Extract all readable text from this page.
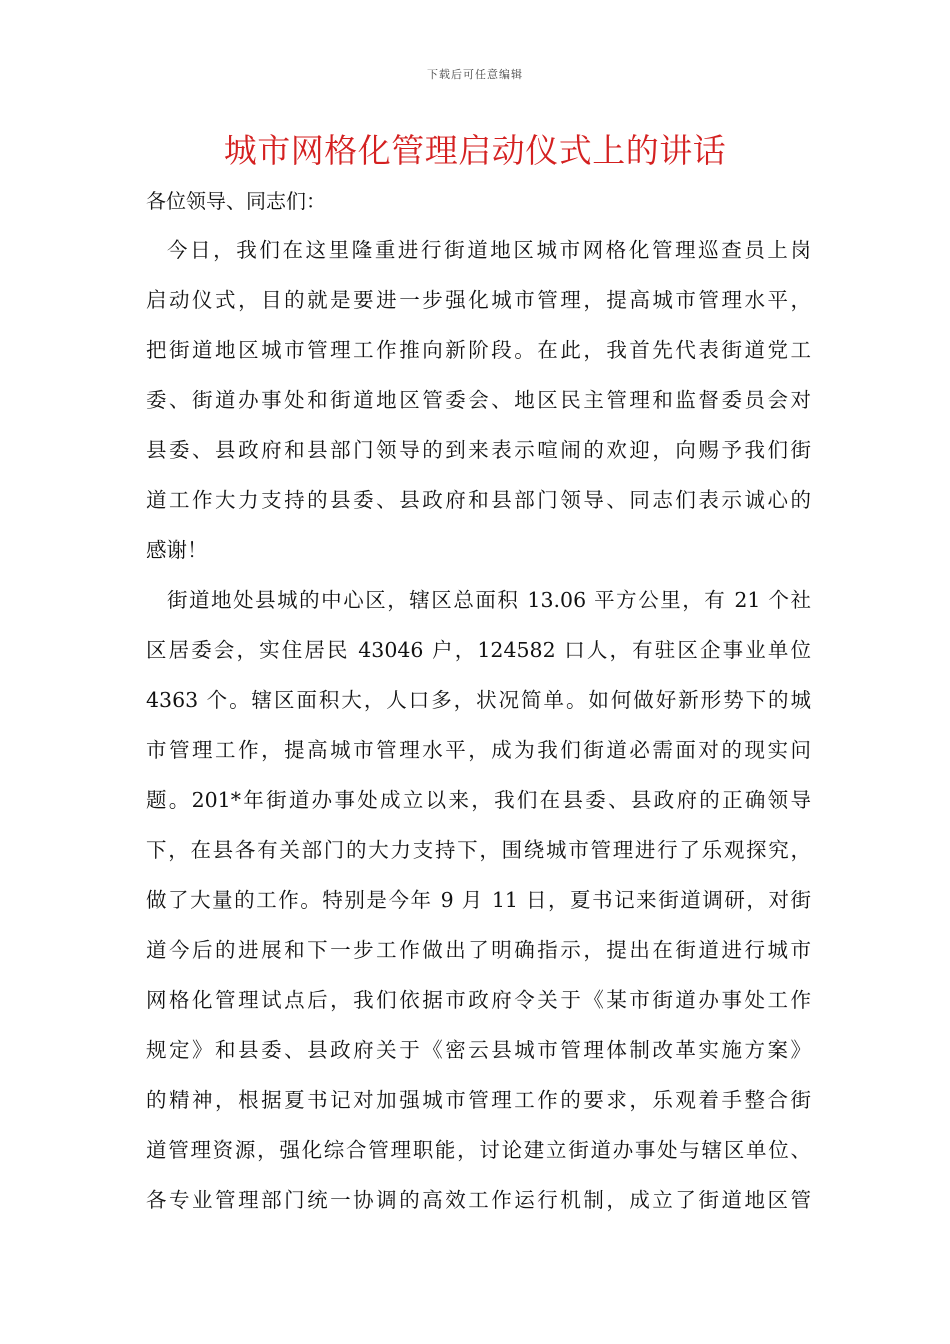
下载后可任意编辑
城市网格化管理启动仪式上的讲话
各位领导、同志们：
今日，我们在这里隆重进行街道地区城市网格化管理巡查员上岗
启动仪式，目的就是要进一步强化城市管理，提高城市管理水平，
把街道地区城市管理工作推向新阶段。在此，我首先代表街道党工
委、街道办事处和街道地区管委会、地区民主管理和监督委员会对
县委、县政府和县部门领导的到来表示喧闹的欢迎，向赐予我们街
道工作大力支持的县委、县政府和县部门领导、同志们表示诚心的
感谢！
街道地处县城的中心区，辖区总面积 13.06 平方公里，有 21 个社
区居委会，实住居民 43046 户，124582 口人，有驻区企事业单位
4363 个。辖区面积大，人口多，状况简单。如何做好新形势下的城
市管理工作，提高城市管理水平，成为我们街道必需面对的现实问
题。201*年街道办事处成立以来，我们在县委、县政府的正确领导
下，在县各有关部门的大力支持下，围绕城市管理进行了乐观探究，
做了大量的工作。特别是今年 9 月 11 日，夏书记来街道调研，对街
道今后的进展和下一步工作做出了明确指示，提出在街道进行城市
网格化管理试点后，我们依据市政府令关于《某市街道办事处工作
规定》和县委、县政府关于《密云县城市管理体制改革实施方案》
的精神，根据夏书记对加强城市管理工作的要求，乐观着手整合街
道管理资源，强化综合管理职能，讨论建立街道办事处与辖区单位、
各专业管理部门统一协调的高效工作运行机制，成立了街道地区管
